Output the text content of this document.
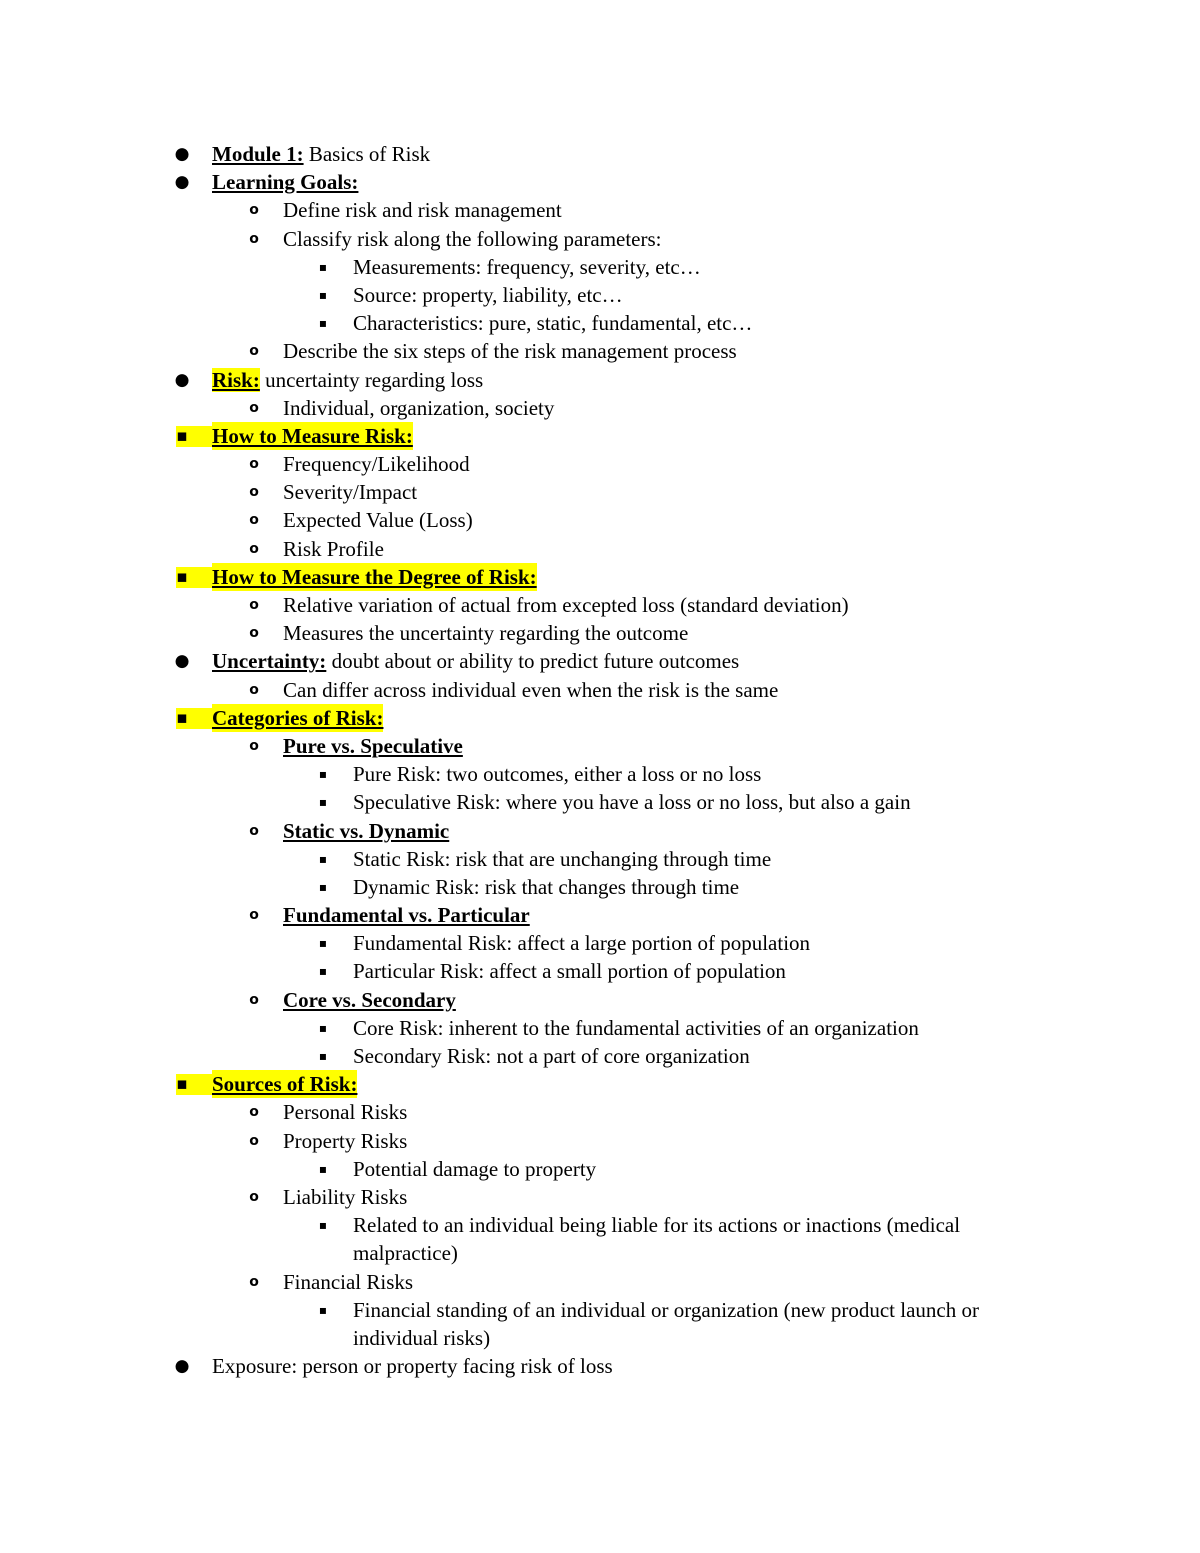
● Module 1: Basics of Risk
● Learning Goals:
o Define risk and risk management
o Classify risk along the following parameters:
▪ Measurements: frequency, severity, etc…
▪ Source: property, liability, etc…
▪ Characteristics: pure, static, fundamental, etc…
o Describe the six steps of the risk management process
● Risk: uncertainty regarding loss
o Individual, organization, society
▪ How to Measure Risk:
o Frequency/Likelihood
o Severity/Impact
o Expected Value (Loss)
o Risk Profile
▪ How to Measure the Degree of Risk:
o Relative variation of actual from excepted loss (standard deviation)
o Measures the uncertainty regarding the outcome
● Uncertainty: doubt about or ability to predict future outcomes
o Can differ across individual even when the risk is the same
▪ Categories of Risk:
o Pure vs. Speculative
▪ Pure Risk: two outcomes, either a loss or no loss
▪ Speculative Risk: where you have a loss or no loss, but also a gain
o Static vs. Dynamic
▪ Static Risk: risk that are unchanging through time
▪ Dynamic Risk: risk that changes through time
o Fundamental vs. Particular
▪ Fundamental Risk: affect a large portion of population
▪ Particular Risk: affect a small portion of population
o Core vs. Secondary
▪ Core Risk: inherent to the fundamental activities of an organization
▪ Secondary Risk: not a part of core organization
▪ Sources of Risk:
o Personal Risks
o Property Risks
▪ Potential damage to property
o Liability Risks
▪ Related to an individual being liable for its actions or inactions (medical malpractice)
o Financial Risks
▪ Financial standing of an individual or organization (new product launch or individual risks)
● Exposure: person or property facing risk of loss
